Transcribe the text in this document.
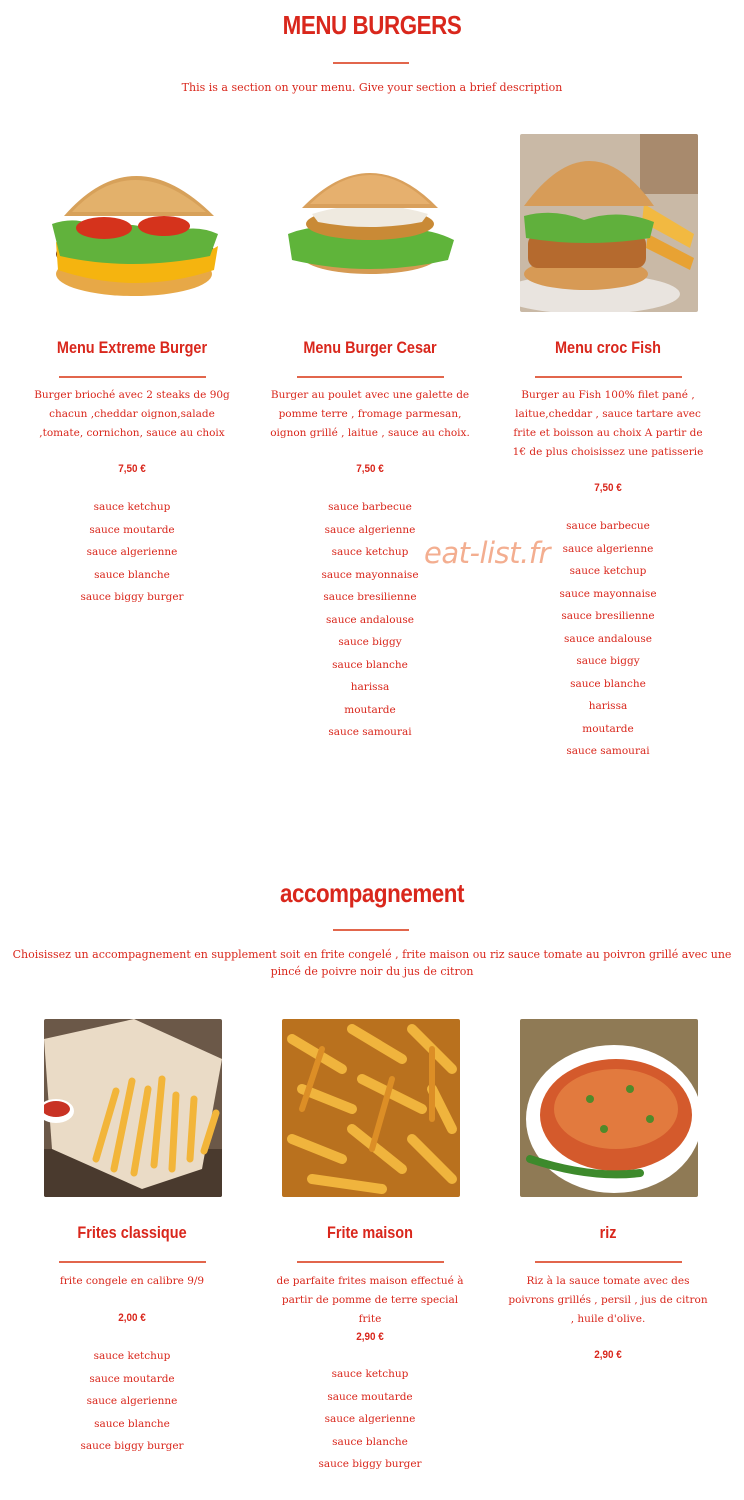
MENU BURGERS

This is a section on your menu. Give your section a brief description

Menu Extreme Burger	Menu Burger Cesar	Menu croc Fish
Burger brioché avec 2 steaks de 90g chacun ,cheddar oignon,salade ,tomate, cornichon, sauce au choix
Burger au poulet avec une galette de pomme terre , fromage parmesan, oignon grillé , laitue , sauce au choix.
Burger au Fish 100% filet pané , laitue,cheddar , sauce tartare avec frite et boisson au choix A partir de 1€ de plus choisissez une patisserie
7,50 €	7,50 €
7,50 €
sauce ketchup
sauce moutarde
sauce algerienne
sauce blanche
sauce biggy burger
sauce barbecue
sauce algerienne
sauce ketchup
sauce mayonnaise
sauce bresilienne
sauce andalouse
sauce biggy
sauce blanche
harissa
moutarde
sauce samourai
sauce barbecue
sauce algerienne
sauce ketchup
sauce mayonnaise
sauce bresilienne
sauce andalouse
sauce biggy
sauce blanche
harissa
moutarde
sauce samourai
eat-list.fr
accompagnement

Choisissez un accompagnement en supplement soit en frite congelé , frite maison ou riz sauce tomate au poivron grillé avec une pincé de poivre noir du jus de citron

Frites classique	Frite maison	riz
frite congele en calibre 9/9	de parfaite frites maison effectué à partir de pomme de terre special frite
Riz à la sauce tomate avec des poivrons grillés , persil , jus de citron , huile d'olive.
2,00 €
2,90 €
2,90 €
sauce ketchup
sauce moutarde
sauce algerienne
sauce blanche
sauce biggy burger
sauce ketchup
sauce moutarde
sauce algerienne
sauce blanche
sauce biggy burger
